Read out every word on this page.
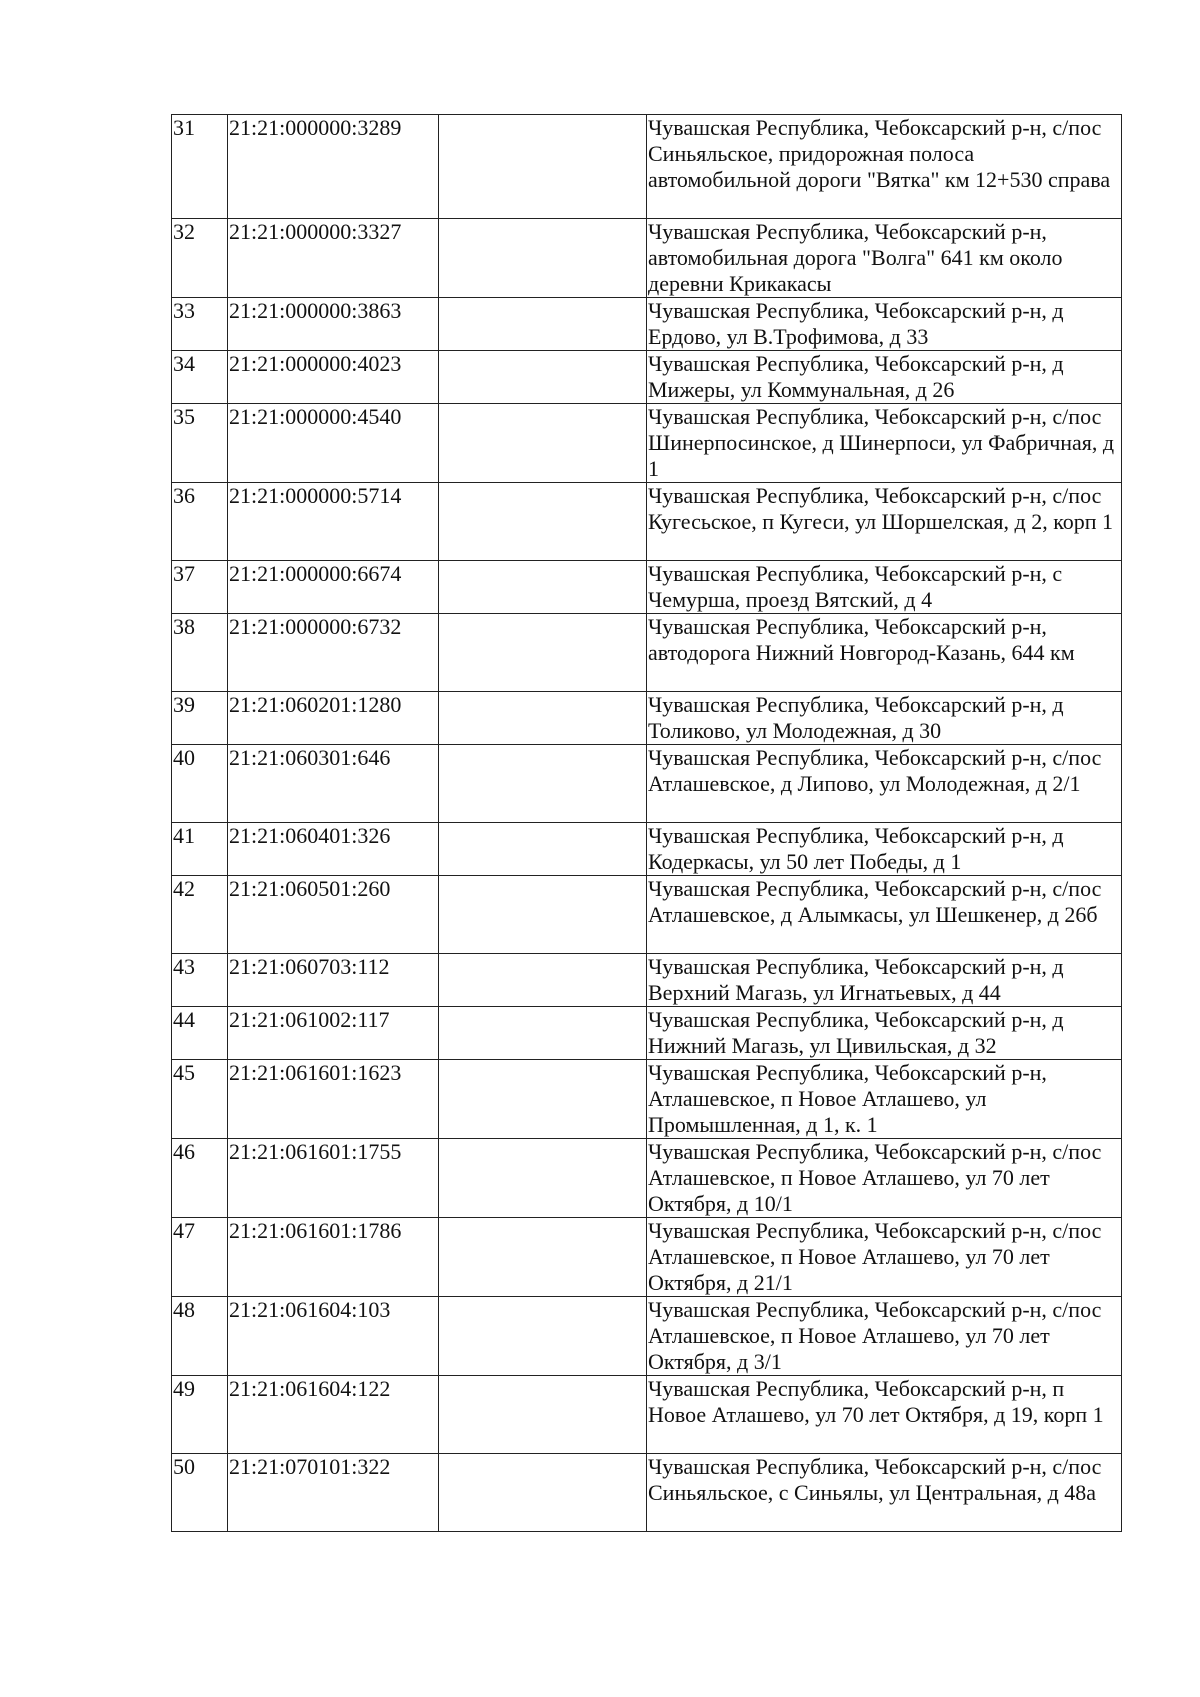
31	21:21:000000:3289		Чувашская Республика, Чебоксарский р-н, с/пос Синьяльское, придорожная полоса автомобильной дороги "Вятка" км 12+530 справа
32	21:21:000000:3327		Чувашская Республика, Чебоксарский р-н, автомобильная дорога "Волга" 641 км около деревни Крикакасы
33	21:21:000000:3863		Чувашская Республика, Чебоксарский р-н, д Ердово, ул В.Трофимова, д 33
34	21:21:000000:4023		Чувашская Республика, Чебоксарский р-н, д Мижеры, ул Коммунальная, д 26
35	21:21:000000:4540		Чувашская Республика, Чебоксарский р-н, с/пос Шинерпосинское, д Шинерпоси, ул Фабричная, д 1
36	21:21:000000:5714		Чувашская Республика, Чебоксарский р-н, с/пос Кугесьское, п Кугеси, ул Шоршелская, д 2, корп 1
37	21:21:000000:6674		Чувашская Республика, Чебоксарский р-н, с Чемурша, проезд Вятский, д 4
38	21:21:000000:6732		Чувашская Республика, Чебоксарский р-н, автодорога Нижний Новгород-Казань, 644 км
39	21:21:060201:1280		Чувашская Республика, Чебоксарский р-н, д Толиково, ул Молодежная, д 30
40	21:21:060301:646		Чувашская Республика, Чебоксарский р-н, с/пос Атлашевское, д Липово, ул Молодежная, д 2/1
41	21:21:060401:326		Чувашская Республика, Чебоксарский р-н, д Кодеркасы, ул 50 лет Победы, д 1
42	21:21:060501:260		Чувашская Республика, Чебоксарский р-н, с/пос Атлашевское, д Алымкасы, ул Шешкенер, д 26б
43	21:21:060703:112		Чувашская Республика, Чебоксарский р-н, д Верхний Магазь, ул Игнатьевых, д 44
44	21:21:061002:117		Чувашская Республика, Чебоксарский р-н, д Нижний Магазь, ул Цивильская, д 32
45	21:21:061601:1623		Чувашская Республика, Чебоксарский р-н, Атлашевское, п Новое Атлашево, ул Промышленная, д 1, к. 1
46	21:21:061601:1755		Чувашская Республика, Чебоксарский р-н, с/пос Атлашевское, п Новое Атлашево, ул 70 лет Октября, д 10/1
47	21:21:061601:1786		Чувашская Республика, Чебоксарский р-н, с/пос Атлашевское, п Новое Атлашево, ул 70 лет Октября, д 21/1
48	21:21:061604:103		Чувашская Республика, Чебоксарский р-н, с/пос Атлашевское, п Новое Атлашево, ул 70 лет Октября, д 3/1
49	21:21:061604:122		Чувашская Республика, Чебоксарский р-н, п Новое Атлашево, ул 70 лет Октября, д 19, корп 1
50	21:21:070101:322		Чувашская Республика, Чебоксарский р-н, с/пос Синьяльское, с Синьялы, ул Центральная, д 48а
